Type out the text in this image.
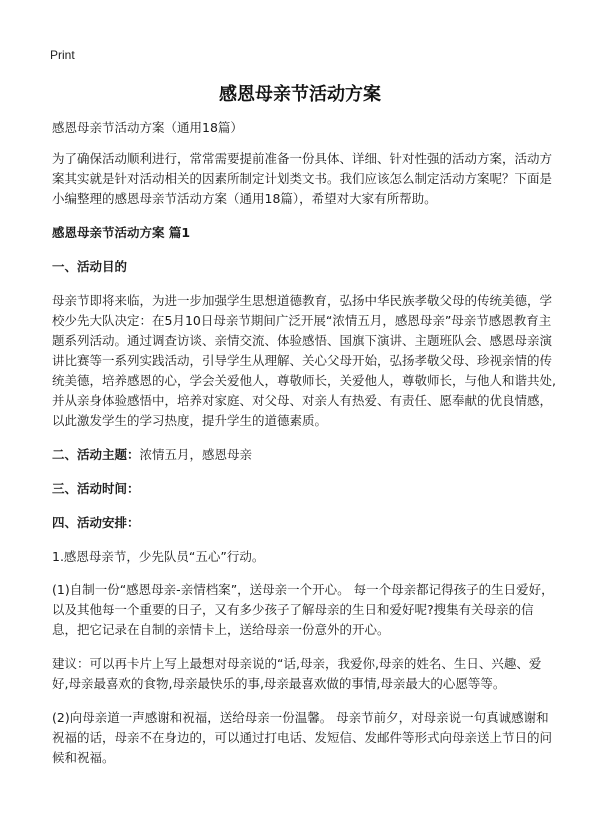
Print
感恩母亲节活动方案

感恩母亲节活动方案（通用18篇）

为了确保活动顺利进行，常常需要提前准备一份具体、详细、针对性强的活动方案，活动方案其实就是针对活动相关的因素所制定计划类文书。我们应该怎么制定活动方案呢？下面是小编整理的感恩母亲节活动方案（通用18篇），希望对大家有所帮助。

感恩母亲节活动方案 篇1

一、活动目的

母亲节即将来临，为进一步加强学生思想道德教育，弘扬中华民族孝敬父母的传统美德，学校少先大队决定：在5月10日母亲节期间广泛开展“浓情五月，感恩母亲”母亲节感恩教育主题系列活动。通过调查访谈、亲情交流、体验感悟、国旗下演讲、主题班队会、感恩母亲演讲比赛等一系列实践活动，引导学生从理解、关心父母开始，弘扬孝敬父母、珍视亲情的传统美德，培养感恩的心，学会关爱他人，尊敬师长，关爱他人，尊敬师长，与他人和谐共处,并从亲身体验感悟中，培养对家庭、对父母、对亲人有热爱、有责任、愿奉献的优良情感，以此激发学生的学习热度，提升学生的道德素质。

二、活动主题：浓情五月，感恩母亲

三、活动时间：

四、活动安排：

1.感恩母亲节，少先队员“五心”行动。

(1)自制一份“感恩母亲-亲情档案”，送母亲一个开心。 每一个母亲都记得孩子的生日爱好，以及其他每一个重要的日子，又有多少孩子了解母亲的生日和爱好呢?搜集有关母亲的信息，把它记录在自制的亲情卡上，送给母亲一份意外的开心。

建议：可以再卡片上写上最想对母亲说的“话,母亲，我爱你,母亲的姓名、生日、兴趣、爱好,母亲最喜欢的食物,母亲最快乐的事,母亲最喜欢做的事情,母亲最大的心愿等等。

(2)向母亲道一声感谢和祝福，送给母亲一份温馨。 母亲节前夕，对母亲说一句真诚感谢和祝福的话，母亲不在身边的，可以通过打电话、发短信、发邮件等形式向母亲送上节日的问候和祝福。
